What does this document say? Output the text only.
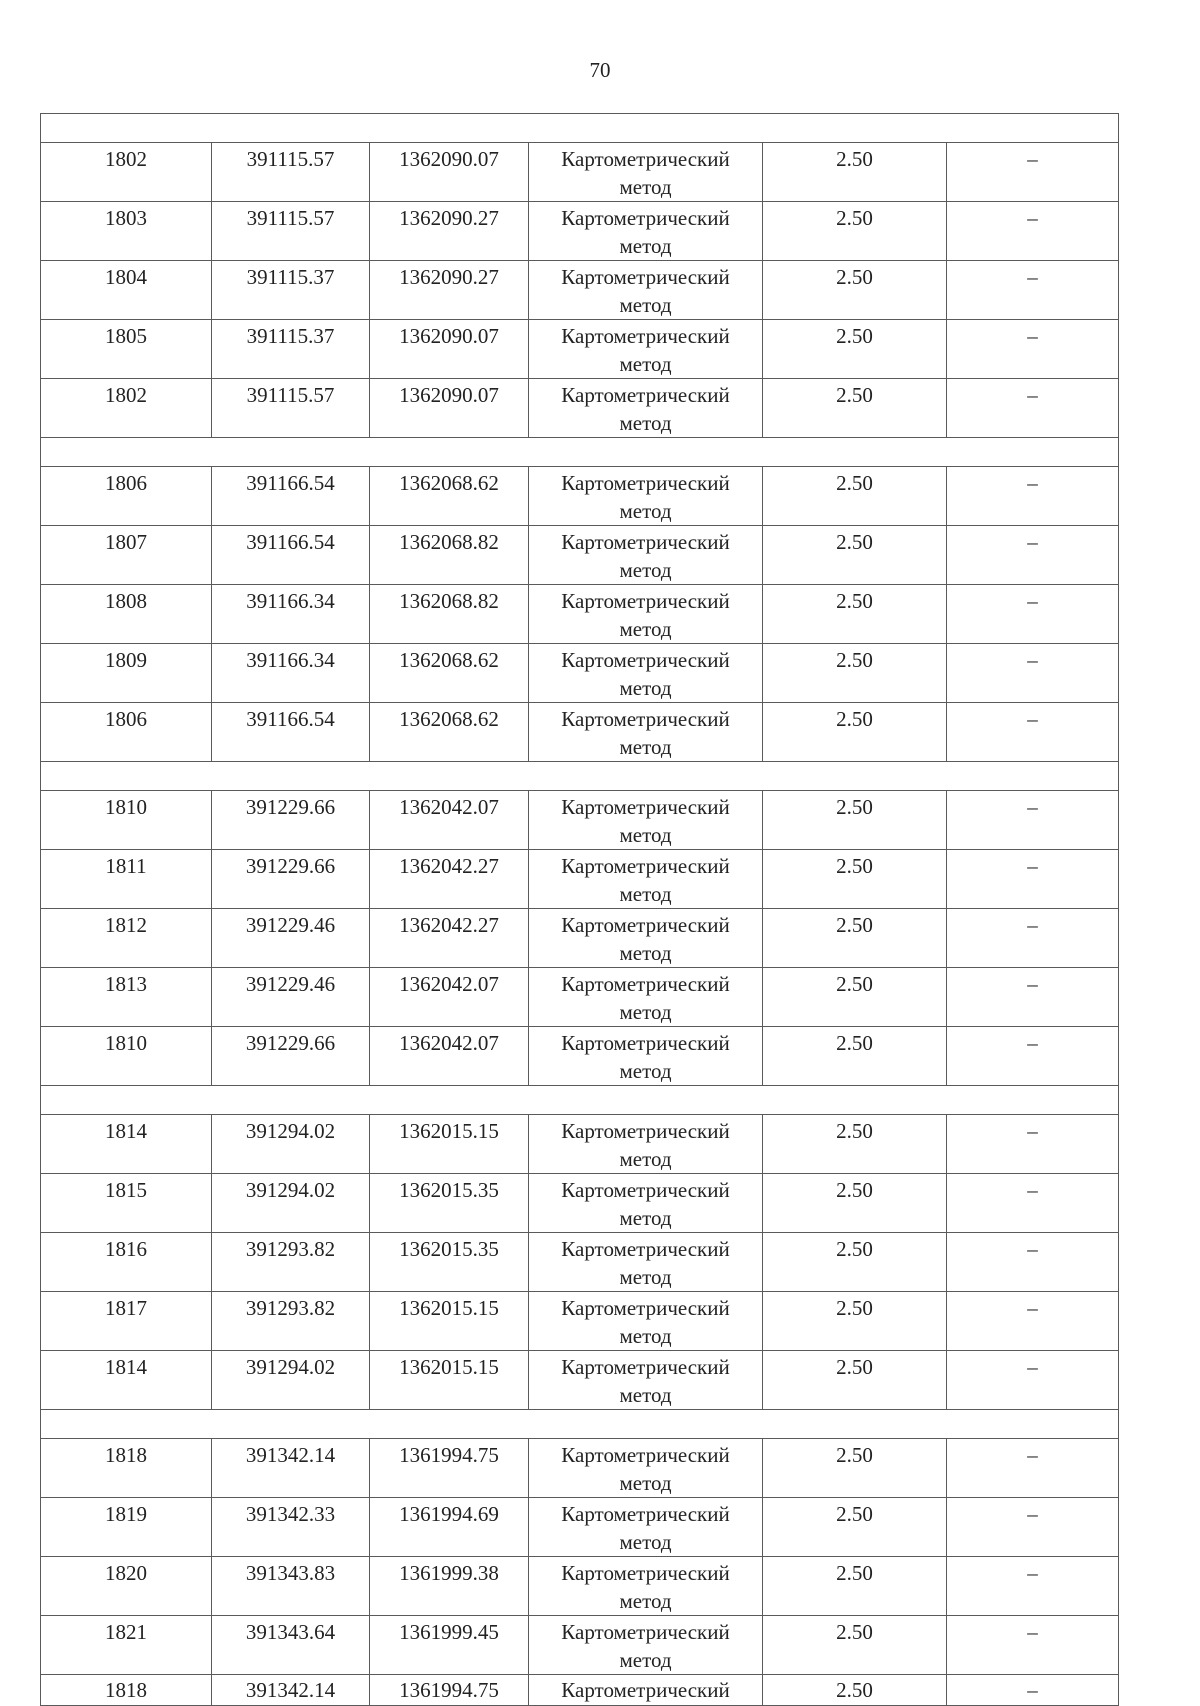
70

1802	391115.57	1362090.07	Картометрический метод	2.50	–

1803	391115.57	1362090.27	Картометрический метод	2.50	–

1804	391115.37	1362090.27	Картометрический метод	2.50	–

1805	391115.37	1362090.07	Картометрический метод	2.50	–

1802	391115.57	1362090.07	Картометрический метод	2.50	–

1806	391166.54	1362068.62	Картометрический метод	2.50	–

1807	391166.54	1362068.82	Картометрический метод	2.50	–

1808	391166.34	1362068.82	Картометрический метод	2.50	–

1809	391166.34	1362068.62	Картометрический метод	2.50	–

1806	391166.54	1362068.62	Картометрический метод	2.50	–

1810	391229.66	1362042.07	Картометрический метод	2.50	–

1811	391229.66	1362042.27	Картометрический метод	2.50	–

1812	391229.46	1362042.27	Картометрический метод	2.50	–

1813	391229.46	1362042.07	Картометрический метод	2.50	–

1810	391229.66	1362042.07	Картометрический метод	2.50	–

1814	391294.02	1362015.15	Картометрический метод	2.50	–

1815	391294.02	1362015.35	Картометрический метод	2.50	–

1816	391293.82	1362015.35	Картометрический метод	2.50	–

1817	391293.82	1362015.15	Картометрический метод	2.50	–

1814	391294.02	1362015.15	Картометрический метод	2.50	–

1818	391342.14	1361994.75	Картометрический метод	2.50	–

1819	391342.33	1361994.69	Картометрический метод	2.50	–

1820	391343.83	1361999.38	Картометрический метод	2.50	–

1821	391343.64	1361999.45	Картометрический метод	2.50	–

1818	391342.14	1361994.75	Картометрический	2.50	–
